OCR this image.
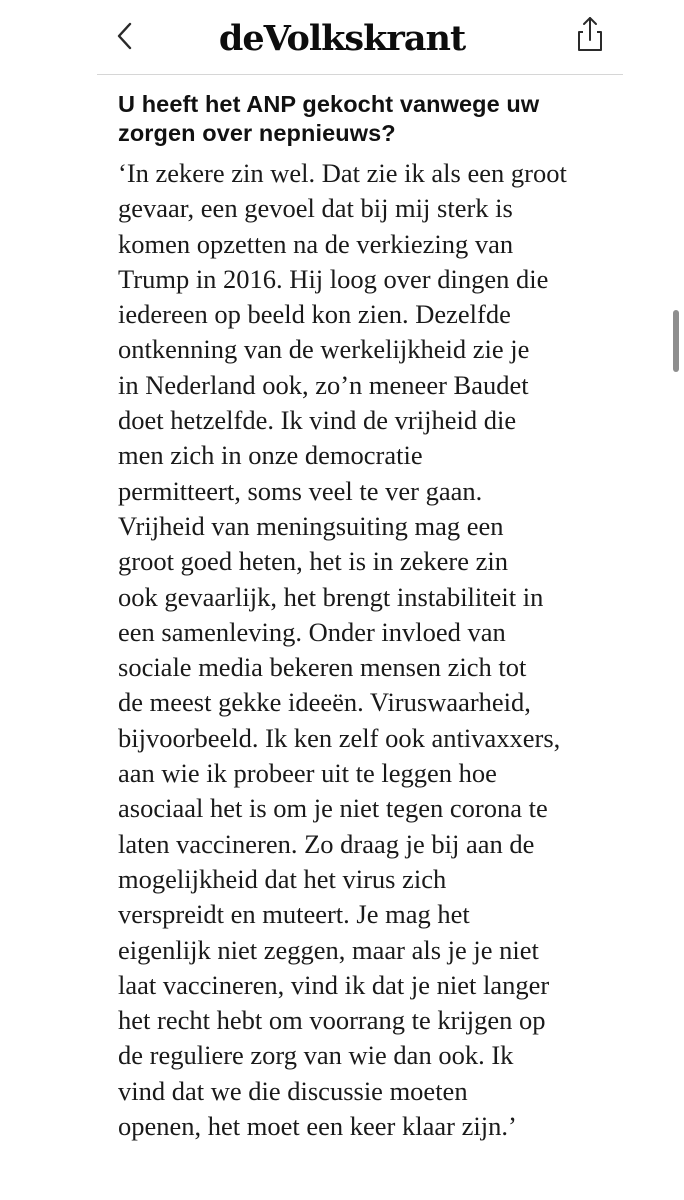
deVolkskrant
U heeft het ANP gekocht vanwege uw zorgen over nepnieuws?
‘In zekere zin wel. Dat zie ik als een groot
gevaar, een gevoel dat bij mij sterk is
komen opzetten na de verkiezing van
Trump in 2016. Hij loog over dingen die
iedereen op beeld kon zien. Dezelfde
ontkenning van de werkelijkheid zie je
in Nederland ook, zo’n meneer Baudet
doet hetzelfde. Ik vind de vrijheid die
men zich in onze democratie
permitteert, soms veel te ver gaan.
Vrijheid van meningsuiting mag een
groot goed heten, het is in zekere zin
ook gevaarlijk, het brengt instabiliteit in
een samenleving. Onder invloed van
sociale media bekeren mensen zich tot
de meest gekke ideeën. Viruswaarheid,
bijvoorbeeld. Ik ken zelf ook antivaxxers,
aan wie ik probeer uit te leggen hoe
asociaal het is om je niet tegen corona te
laten vaccineren. Zo draag je bij aan de
mogelijkheid dat het virus zich
verspreidt en muteert. Je mag het
eigenlijk niet zeggen, maar als je je niet
laat vaccineren, vind ik dat je niet langer
het recht hebt om voorrang te krijgen op
de reguliere zorg van wie dan ook. Ik
vind dat we die discussie moeten
openen, het moet een keer klaar zijn.’
